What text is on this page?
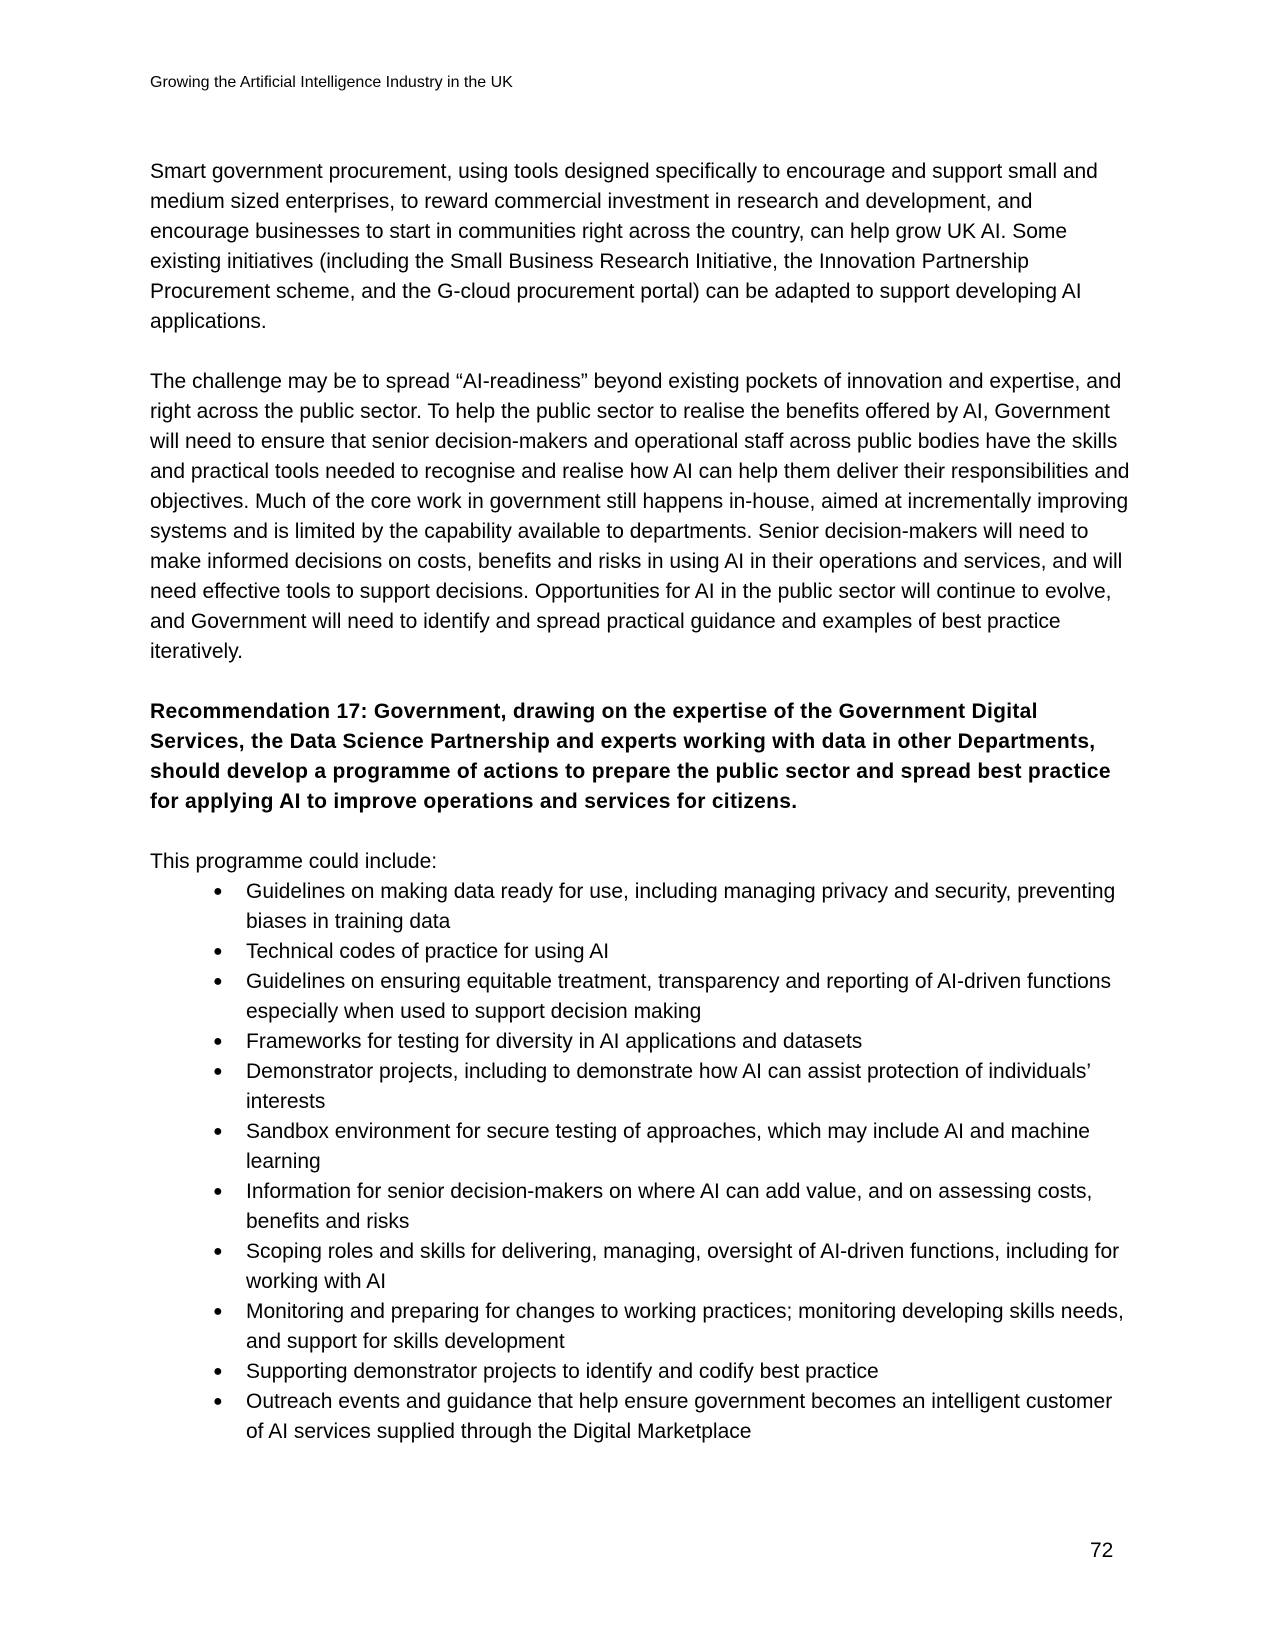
Growing the Artificial Intelligence Industry in the UK

Smart government procurement, using tools designed specifically to encourage and support small and medium sized enterprises, to reward commercial investment in research and development, and encourage businesses to start in communities right across the country, can help grow UK AI. Some existing initiatives (including the Small Business Research Initiative, the Innovation Partnership Procurement scheme, and the G-cloud procurement portal) can be adapted to support developing AI applications.

The challenge may be to spread “AI-readiness” beyond existing pockets of innovation and expertise, and right across the public sector. To help the public sector to realise the benefits offered by AI, Government will need to ensure that senior decision-makers and operational staff across public bodies have the skills and practical tools needed to recognise and realise how AI can help them deliver their responsibilities and objectives. Much of the core work in government still happens in-house, aimed at incrementally improving systems and is limited by the capability available to departments. Senior decision-makers will need to make informed decisions on costs, benefits and risks in using AI in their operations and services, and will need effective tools to support decisions. Opportunities for AI in the public sector will continue to evolve, and Government will need to identify and spread practical guidance and examples of best practice iteratively.

Recommendation 17: Government, drawing on the expertise of the Government Digital Services, the Data Science Partnership and experts working with data in other Departments, should develop a programme of actions to prepare the public sector and spread best practice for applying AI to improve operations and services for citizens.

This programme could include:

● Guidelines on making data ready for use, including managing privacy and security, preventing biases in training data
● Technical codes of practice for using AI
● Guidelines on ensuring equitable treatment, transparency and reporting of AI-driven functions especially when used to support decision making
● Frameworks for testing for diversity in AI applications and datasets
● Demonstrator projects, including to demonstrate how AI can assist protection of individuals’ interests
● Sandbox environment for secure testing of approaches, which may include AI and machine learning
● Information for senior decision-makers on where AI can add value, and on assessing costs, benefits and risks
● Scoping roles and skills for delivering, managing, oversight of AI-driven functions, including for working with AI
● Monitoring and preparing for changes to working practices; monitoring developing skills needs, and support for skills development
● Supporting demonstrator projects to identify and codify best practice
● Outreach events and guidance that help ensure government becomes an intelligent customer of AI services supplied through the Digital Marketplace
72
